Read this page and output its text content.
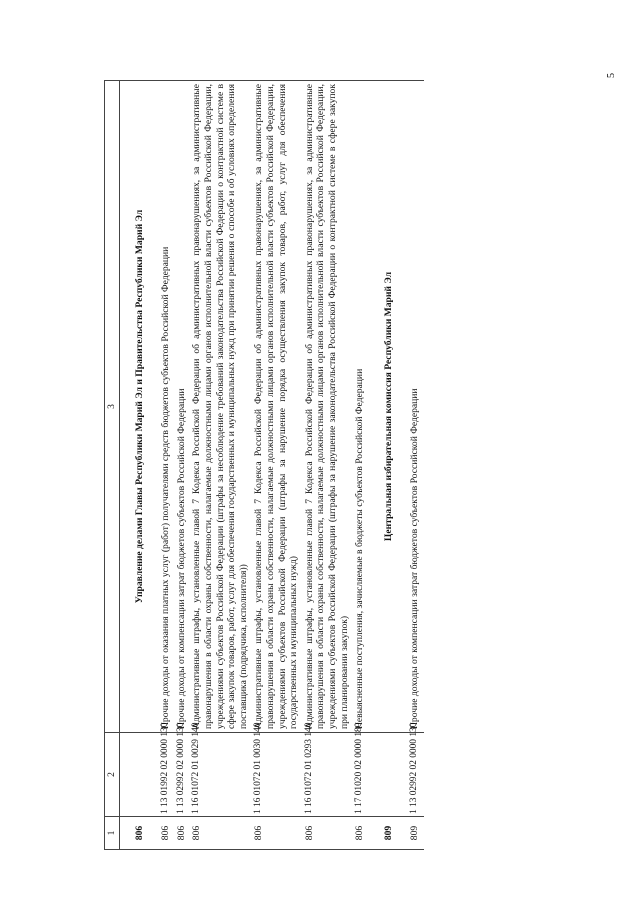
5
1	2	3
806		Управление делами Главы Республики Марий Эл и Правительства Республики Марий Эл
806	1 13 01992 02 0000 130	Прочие доходы от оказания платных услуг (работ) получателями средств бюджетов субъектов Российской Федерации
806	1 13 02992 02 0000 130	Прочие доходы от компенсации затрат бюджетов субъектов Российской Федерации
806	1 16 01072 01 0029 140	Административные штрафы, установленные главой 7 Кодекса Российской Федерации об административных правонарушениях, за административные правонарушения в области охраны собственности, налагаемые должностными лицами органов исполнительной власти субъектов Российской Федерации, учреждениями субъектов Российской Федерации (штрафы за несоблюдение требований законодательства Российской Федерации о контрактной системе в сфере закупок товаров, работ, услуг для обеспечения государственных и муниципальных нужд при принятии решения о способе и об условиях определения поставщика (подрядчика, исполнителя))
806	1 16 01072 01 0030 140	Административные штрафы, установленные главой 7 Кодекса Российской Федерации об административных правонарушениях, за административные правонарушения в области охраны собственности, налагаемые должностными лицами органов исполнительной власти субъектов Российской Федерации, учреждениями субъектов Российской Федерации (штрафы за нарушение порядка осуществления закупок товаров, работ, услуг для обеспечения государственных и муниципальных нужд)
806	1 16 01072 01 0293 140	Административные штрафы, установленные главой 7 Кодекса Российской Федерации об административных правонарушениях, за административные правонарушения в области охраны собственности, налагаемые должностными лицами органов исполнительной власти субъектов Российской Федерации, учреждениями субъектов Российской Федерации (штрафы за нарушение законодательства Российской Федерации о контрактной системе в сфере закупок при планировании закупок)
806	1 17 01020 02 0000 180	Невыясненные поступления, зачисляемые в бюджеты субъектов Российской Федерации
809		Центральная избирательная комиссия Республики Марий Эл
809	1 13 02992 02 0000 130	Прочие доходы от компенсации затрат бюджетов субъектов Российской Федерации
